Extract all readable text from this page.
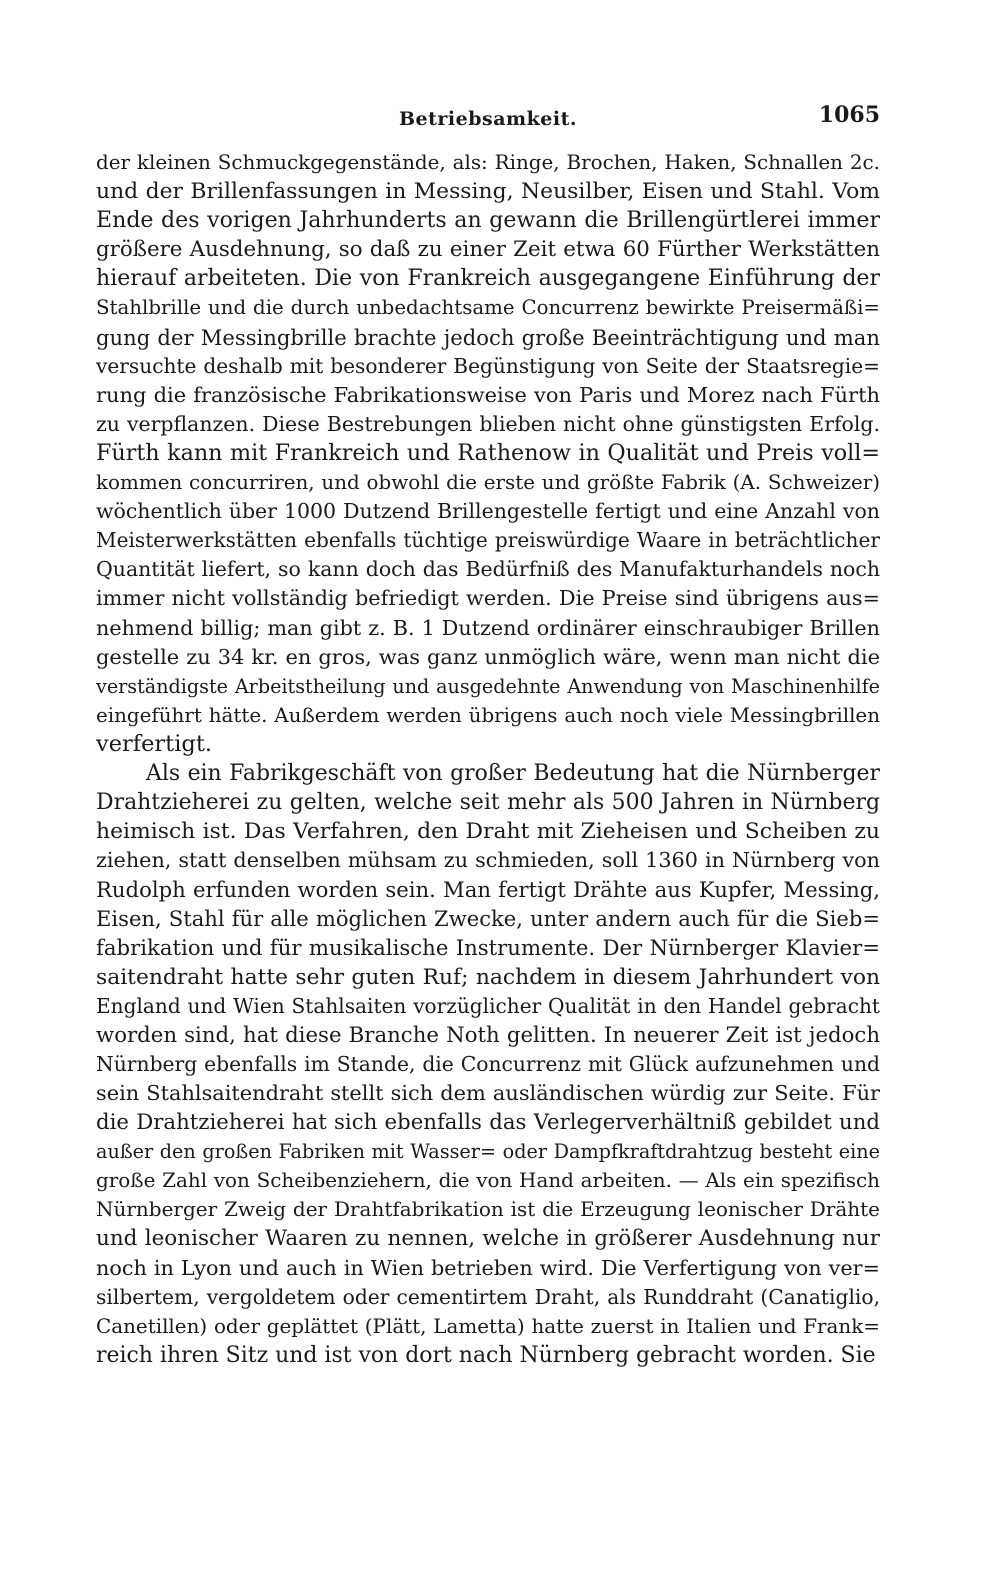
Betriebsamkeit.	1065
der kleinen Schmuckgegenstände, als: Ringe, Brochen, Haken, Schnallen 2c.
und der Brillenfassungen in Messing, Neusilber, Eisen und Stahl. Vom
Ende des vorigen Jahrhunderts an gewann die Brillengürtlerei immer
größere Ausdehnung, so daß zu einer Zeit etwa 60 Fürther Werkstätten
hierauf arbeiteten. Die von Frankreich ausgegangene Einführung der
Stahlbrille und die durch unbedachtsame Concurrenz bewirkte Preisermäßi=
gung der Messingbrille brachte jedoch große Beeinträchtigung und man
versuchte deshalb mit besonderer Begünstigung von Seite der Staatsregie=
rung die französische Fabrikationsweise von Paris und Morez nach Fürth
zu verpflanzen. Diese Bestrebungen blieben nicht ohne günstigsten Erfolg.
Fürth kann mit Frankreich und Rathenow in Qualität und Preis voll=
kommen concurriren, und obwohl die erste und größte Fabrik (A. Schweizer)
wöchentlich über 1000 Dutzend Brillengestelle fertigt und eine Anzahl von
Meisterwerkstätten ebenfalls tüchtige preiswürdige Waare in beträchtlicher
Quantität liefert, so kann doch das Bedürfniß des Manufakturhandels noch
immer nicht vollständig befriedigt werden. Die Preise sind übrigens aus=
nehmend billig; man gibt z. B. 1 Dutzend ordinärer einschraubiger Brillen
gestelle zu 34 kr. en gros, was ganz unmöglich wäre, wenn man nicht die
verständigste Arbeitstheilung und ausgedehnte Anwendung von Maschinenhilfe
eingeführt hätte. Außerdem werden übrigens auch noch viele Messingbrillen
verfertigt.
Als ein Fabrikgeschäft von großer Bedeutung hat die Nürnberger
Drahtzieherei zu gelten, welche seit mehr als 500 Jahren in Nürnberg
heimisch ist. Das Verfahren, den Draht mit Zieheisen und Scheiben zu
ziehen, statt denselben mühsam zu schmieden, soll 1360 in Nürnberg von
Rudolph erfunden worden sein. Man fertigt Drähte aus Kupfer, Messing,
Eisen, Stahl für alle möglichen Zwecke, unter andern auch für die Sieb=
fabrikation und für musikalische Instrumente. Der Nürnberger Klavier=
saitendraht hatte sehr guten Ruf; nachdem in diesem Jahrhundert von
England und Wien Stahlsaiten vorzüglicher Qualität in den Handel gebracht
worden sind, hat diese Branche Noth gelitten. In neuerer Zeit ist jedoch
Nürnberg ebenfalls im Stande, die Concurrenz mit Glück aufzunehmen und
sein Stahlsaitendraht stellt sich dem ausländischen würdig zur Seite. Für
die Drahtzieherei hat sich ebenfalls das Verlegerverhältniß gebildet und
außer den großen Fabriken mit Wasser= oder Dampfkraftdrahtzug besteht eine
große Zahl von Scheibenziehern, die von Hand arbeiten. — Als ein spezifisch
Nürnberger Zweig der Drahtfabrikation ist die Erzeugung leonischer Drähte
und leonischer Waaren zu nennen, welche in größerer Ausdehnung nur
noch in Lyon und auch in Wien betrieben wird. Die Verfertigung von ver=
silbertem, vergoldetem oder cementirtem Draht, als Runddraht (Canatiglio,
Canetillen) oder geplättet (Plätt, Lametta) hatte zuerst in Italien und Frank=
reich ihren Sitz und ist von dort nach Nürnberg gebracht worden. Sie
